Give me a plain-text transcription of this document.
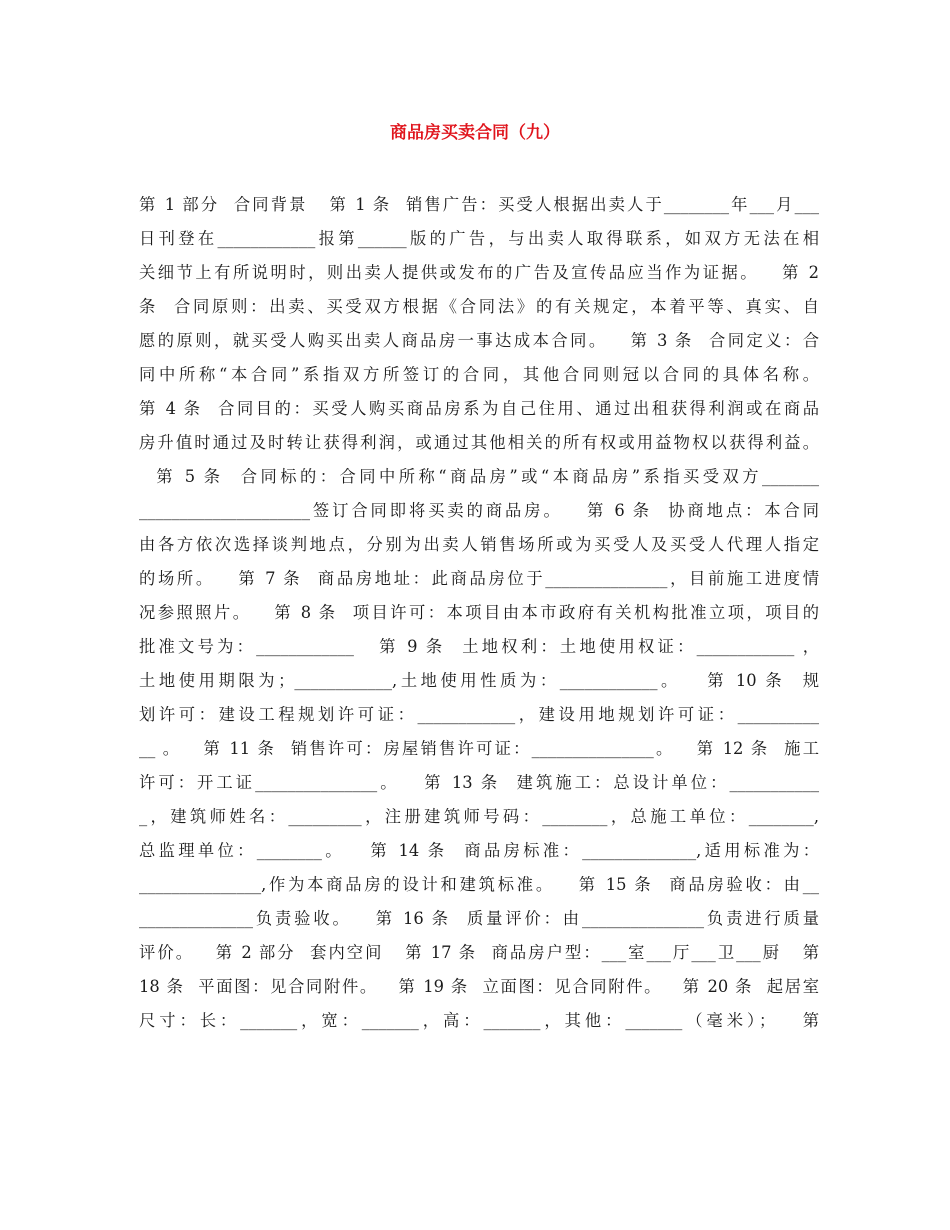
商品房买卖合同（九）
第 1 部分  合同背景   第 1 条  销售广告：买受人根据出卖人于________年___月___
日刊登在____________报第______版的广告，与出卖人取得联系，如双方无法在相
关细节上有所说明时，则出卖人提供或发布的广告及宣传品应当作为证据。   第 2
条  合同原则：出卖、买受双方根据《合同法》的有关规定，本着平等、真实、自
愿的原则，就买受人购买出卖人商品房一事达成本合同。   第 3 条  合同定义：合
同中所称“本合同”系指双方所签订的合同，其他合同则冠以合同的具体名称。
第 4 条  合同目的：买受人购买商品房系为自己住用、通过出租获得利润或在商品
房升值时通过及时转让获得利润，或通过其他相关的所有权或用益物权以获得利益。
第 5 条  合同标的：合同中所称“商品房”或“本商品房”系指买受双方_______
_____________________签订合同即将买卖的商品房。   第 6 条  协商地点：本合同
由各方依次选择谈判地点，分别为出卖人销售场所或为买受人及买受人代理人指定
的场所。   第 7 条  商品房地址：此商品房位于_______________，目前施工进度情
况参照照片。   第 8 条  项目许可：本项目由本市政府有关机构批准立项，项目的
批准文号为：____________   第 9 条  土地权利：土地使用权证：____________ ，
土地使用期限为；____________,土地使用性质为：____________。   第 10 条  规
划许可：建设工程规划许可证：____________，建设用地规划许可证：__________
__ 。   第 11 条  销售许可：房屋销售许可证：_______________。   第 12 条  施工
许可：开工证_______________。   第 13 条  建筑施工：总设计单位：___________
_，建筑师姓名：_________，注册建筑师号码：________，总施工单位：________,
总监理单位：________。   第 14 条  商品房标准：______________,适用标准为：
_______________,作为本商品房的设计和建筑标准。   第 15 条  商品房验收：由__
______________负责验收。   第 16 条  质量评价：由_______________负责进行质量
评价。   第 2 部分  套内空间   第 17 条  商品房户型：___室___厅___卫___厨   第
18 条  平面图：见合同附件。   第 19 条  立面图：见合同附件。   第 20 条  起居室
尺寸：长：_______，宽：_______，高：_______，其他：_______（毫米）；   第
